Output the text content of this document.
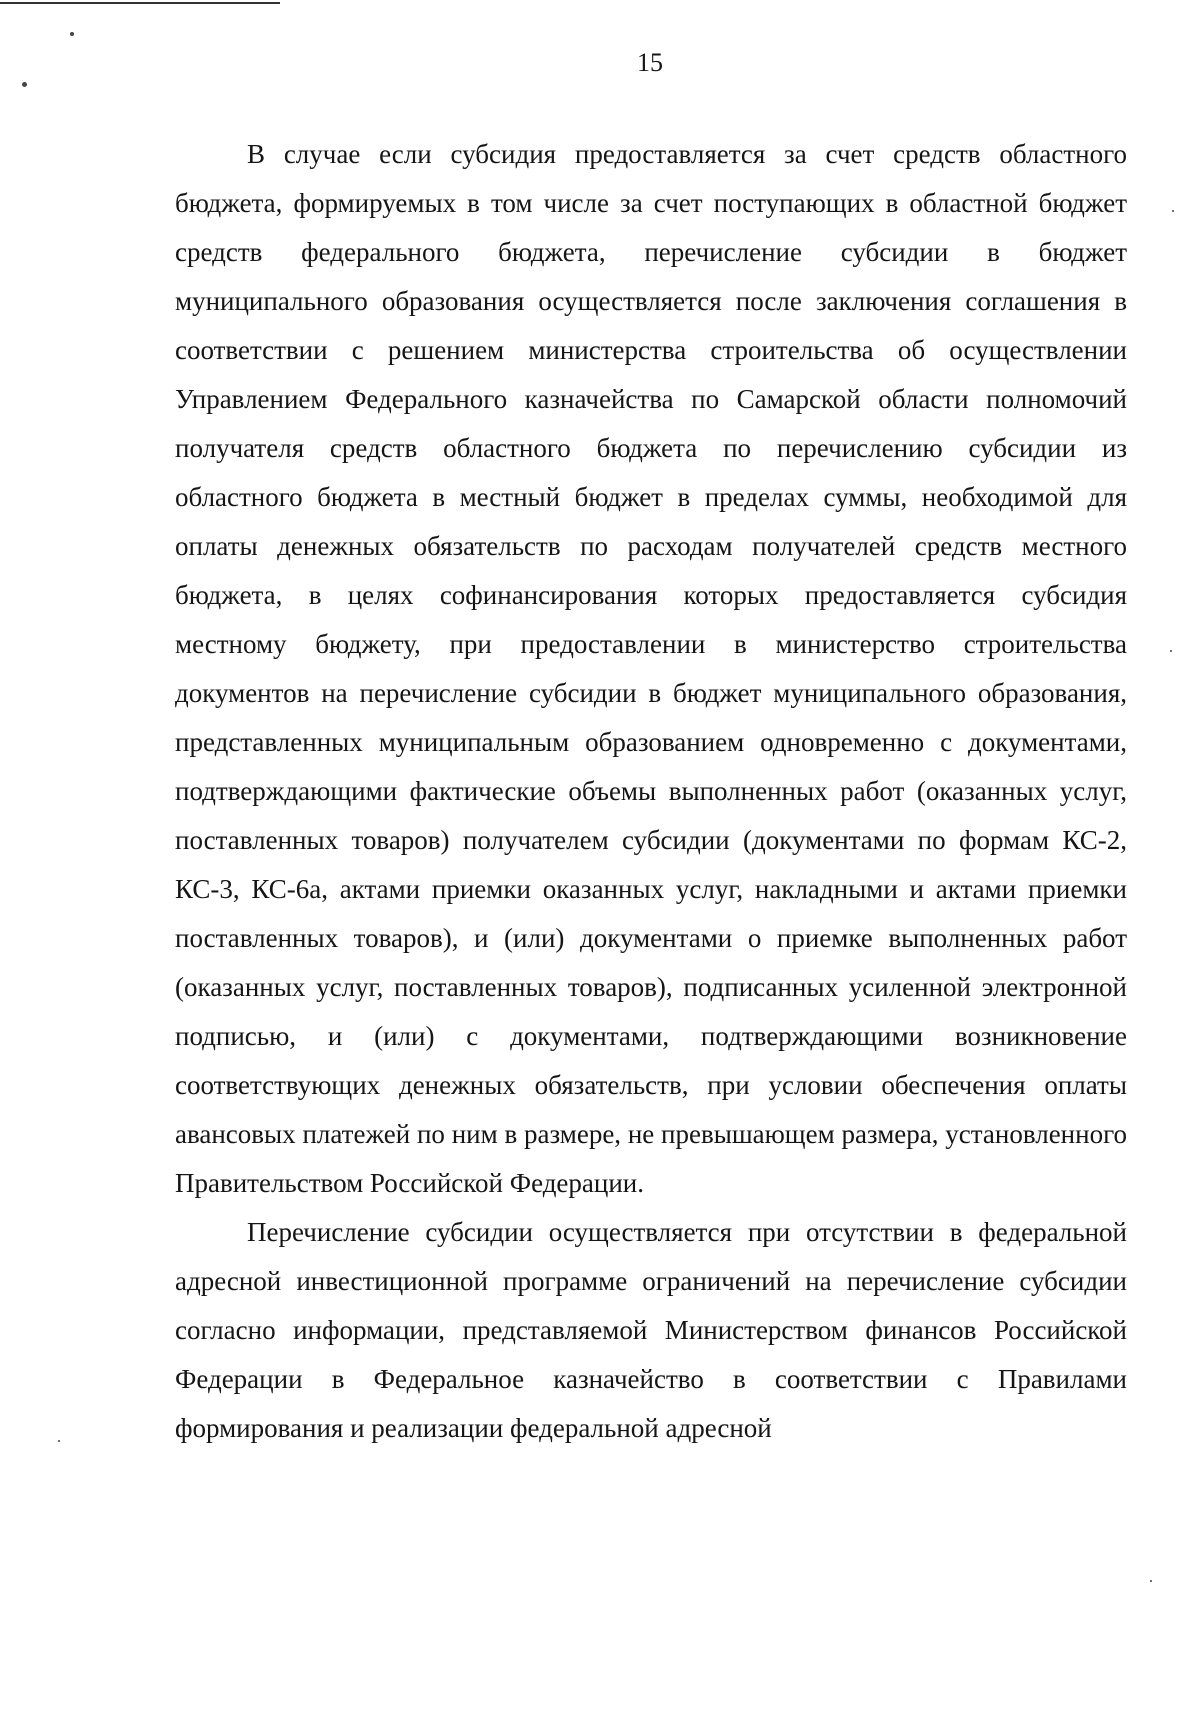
15

В случае если субсидия предоставляется за счет средств областного бюджета, формируемых в том числе за счет поступающих в областной бюджет средств федерального бюджета, перечисление субсидии в бюджет муниципального образования осуществляется после заключения соглашения в соответствии с решением министерства строительства об осуществлении Управлением Федерального казначейства по Самарской области полномочий получателя средств областного бюджета по перечислению субсидии из областного бюджета в местный бюджет в пределах суммы, необходимой для оплаты денежных обязательств по расходам получателей средств местного бюджета, в целях софинансирования которых предоставляется субсидия местному бюджету, при предоставлении в министерство строительства документов на перечисление субсидии в бюджет муниципального образования, представленных муниципальным образованием одновременно с документами, подтверждающими фактические объемы выполненных работ (оказанных услуг, поставленных товаров) получателем субсидии (документами по формам КС-2, КС-3, КС-6а, актами приемки оказанных услуг, накладными и актами приемки поставленных товаров), и (или) документами о приемке выполненных работ (оказанных услуг, поставленных товаров), подписанных усиленной электронной подписью, и (или) с документами, подтверждающими возникновение соответствующих денежных обязательств, при условии обеспечения оплаты авансовых платежей по ним в размере, не превышающем размера, установленного Правительством Российской Федерации.

Перечисление субсидии осуществляется при отсутствии в федеральной адресной инвестиционной программе ограничений на перечисление субсидии согласно информации, представляемой Министерством финансов Российской Федерации в Федеральное казначейство в соответствии с Правилами формирования и реализации федеральной адресной
